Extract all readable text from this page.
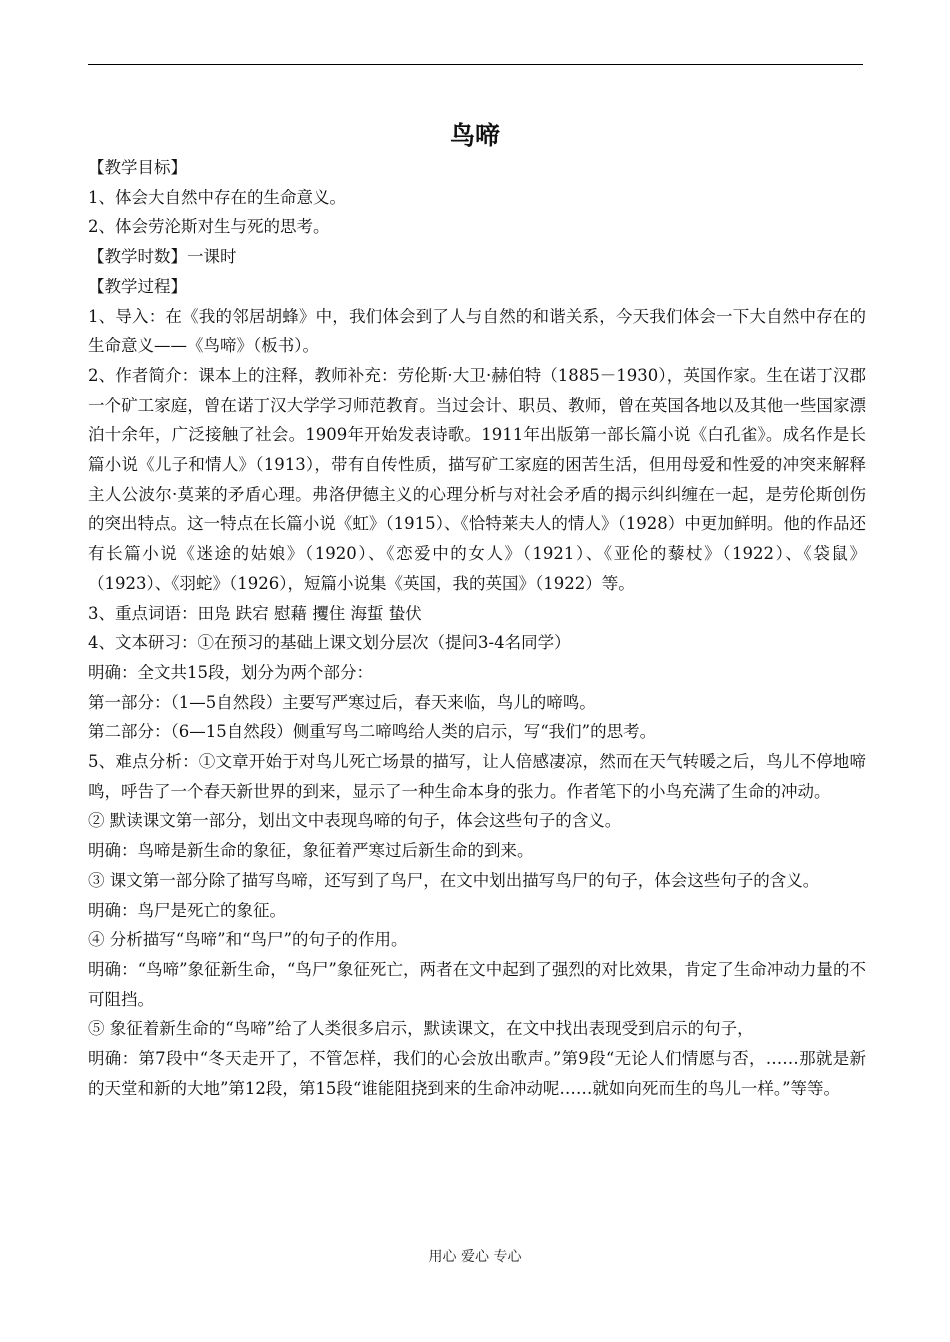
鸟啼

【教学目标】

1、体会大自然中存在的生命意义。

2、体会劳沦斯对生与死的思考。

【教学时数】一课时

【教学过程】

1、导入：在《我的邻居胡蜂》中，我们体会到了人与自然的和谐关系，今天我们体会一下大自然中存在的生命意义——《鸟啼》（板书）。

2、作者简介：课本上的注释，教师补充：劳伦斯·大卫·赫伯特（1885－1930），英国作家。生在诺丁汉郡一个矿工家庭，曾在诺丁汉大学学习师范教育。当过会计、职员、教师，曾在英国各地以及其他一些国家漂泊十余年，广泛接触了社会。1909年开始发表诗歌。1911年出版第一部长篇小说《白孔雀》。成名作是长篇小说《儿子和情人》（1913），带有自传性质，描写矿工家庭的困苦生活，但用母爱和性爱的冲突来解释主人公波尔·莫莱的矛盾心理。弗洛伊德主义的心理分析与对社会矛盾的揭示纠纠缠在一起，是劳伦斯创伤的突出特点。这一特点在长篇小说《虹》（1915）、《恰特莱夫人的情人》（1928）中更加鲜明。他的作品还有长篇小说《迷途的姑娘》（1920）、《恋爱中的女人》（1921）、《亚伦的藜杖》（1922）、《袋鼠》（1923）、《羽蛇》（1926），短篇小说集《英国，我的英国》（1922）等。

3、重点词语：田凫 趺宕 慰藉 攫住 海蜇 蛰伏

4、文本研习：①在预习的基础上课文划分层次（提问3-4名同学）

明确：全文共15段，划分为两个部分：

第一部分：（1—5自然段）主要写严寒过后，春天来临，鸟儿的啼鸣。

第二部分：（6—15自然段）侧重写鸟二啼鸣给人类的启示，写“我们”的思考。

5、难点分析：①文章开始于对鸟儿死亡场景的描写，让人倍感凄凉，然而在天气转暖之后，鸟儿不停地啼鸣，呼告了一个春天新世界的到来，显示了一种生命本身的张力。作者笔下的小鸟充满了生命的冲动。

② 默读课文第一部分，划出文中表现鸟啼的句子，体会这些句子的含义。

明确：鸟啼是新生命的象征，象征着严寒过后新生命的到来。

③ 课文第一部分除了描写鸟啼，还写到了鸟尸，在文中划出描写鸟尸的句子，体会这些句子的含义。

明确：鸟尸是死亡的象征。

④ 分析描写“鸟啼”和“鸟尸”的句子的作用。

明确：“鸟啼”象征新生命，“鸟尸”象征死亡，两者在文中起到了强烈的对比效果，肯定了生命冲动力量的不可阻挡。

⑤ 象征着新生命的“鸟啼”给了人类很多启示，默读课文，在文中找出表现受到启示的句子，

明确：第7段中“冬天走开了，不管怎样，我们的心会放出歌声。”第9段“无论人们情愿与否，……那就是新的天堂和新的大地”第12段，第15段“谁能阻挠到来的生命冲动呢……就如向死而生的鸟儿一样。”等等。

用心 爱心 专心
